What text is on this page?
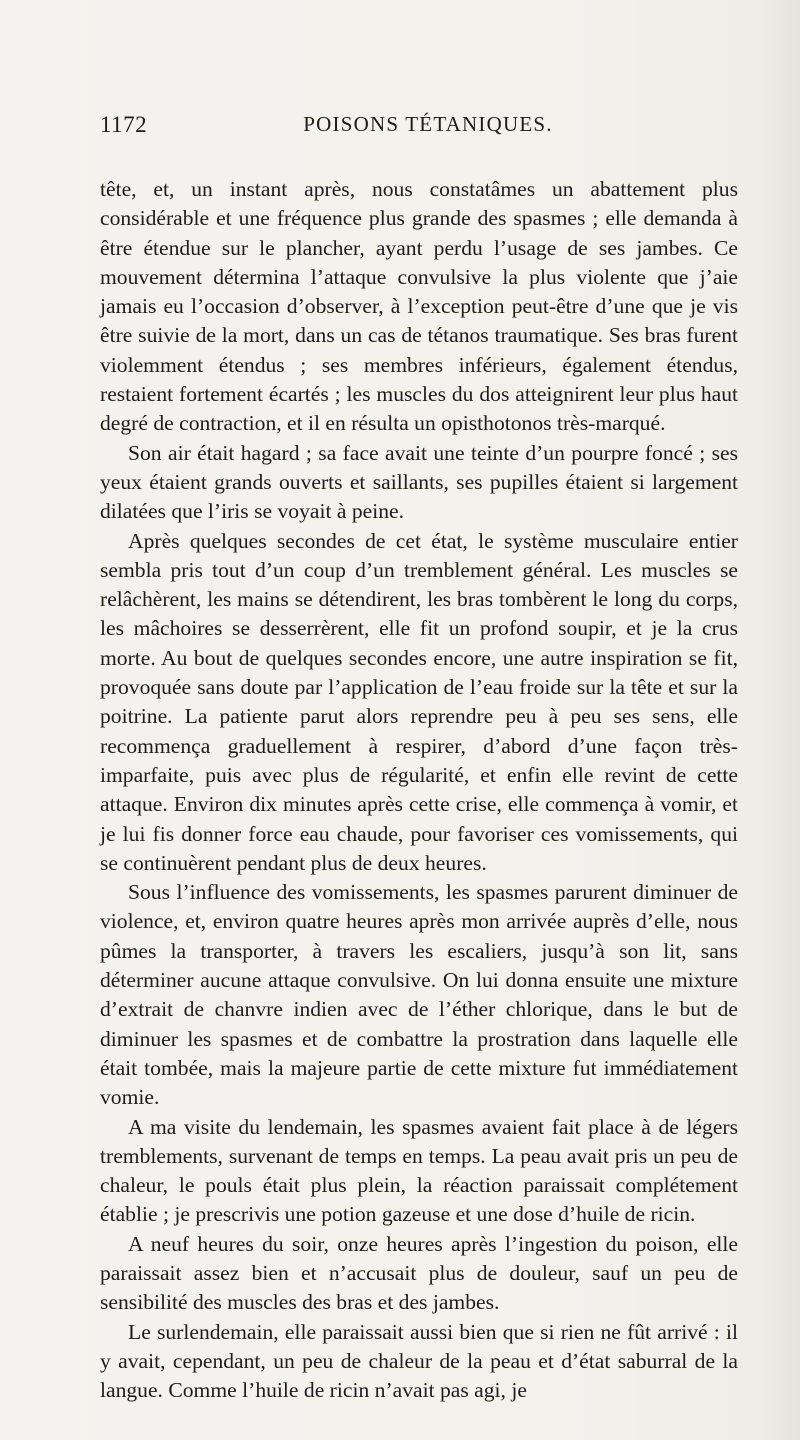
1172	POISONS TÉTANIQUES.

tête, et, un instant après, nous constatâmes un abattement plus considérable et une fréquence plus grande des spasmes ; elle demanda à être étendue sur le plancher, ayant perdu l’usage de ses jambes. Ce mouvement détermina l’attaque convulsive la plus violente que j’aie jamais eu l’occasion d’observer, à l’exception peut-être d’une que je vis être suivie de la mort, dans un cas de tétanos traumatique. Ses bras furent violemment étendus ; ses membres inférieurs, également étendus, restaient fortement écartés ; les muscles du dos atteignirent leur plus haut degré de contraction, et il en résulta un opisthotonos très-marqué.

Son air était hagard ; sa face avait une teinte d’un pourpre foncé ; ses yeux étaient grands ouverts et saillants, ses pupilles étaient si largement dilatées que l’iris se voyait à peine.

Après quelques secondes de cet état, le système musculaire entier sembla pris tout d’un coup d’un tremblement général. Les muscles se relâchèrent, les mains se détendirent, les bras tombèrent le long du corps, les mâchoires se desserrèrent, elle fit un profond soupir, et je la crus morte. Au bout de quelques secondes encore, une autre inspiration se fit, provoquée sans doute par l’application de l’eau froide sur la tête et sur la poitrine. La patiente parut alors reprendre peu à peu ses sens, elle recommença graduellement à respirer, d’abord d’une façon très-imparfaite, puis avec plus de régularité, et enfin elle revint de cette attaque. Environ dix minutes après cette crise, elle commença à vomir, et je lui fis donner force eau chaude, pour favoriser ces vomissements, qui se continuèrent pendant plus de deux heures.

Sous l’influence des vomissements, les spasmes parurent diminuer de violence, et, environ quatre heures après mon arrivée auprès d’elle, nous pûmes la transporter, à travers les escaliers, jusqu’à son lit, sans déterminer aucune attaque convulsive. On lui donna ensuite une mixture d’extrait de chanvre indien avec de l’éther chlorique, dans le but de diminuer les spasmes et de combattre la prostration dans laquelle elle était tombée, mais la majeure partie de cette mixture fut immédiatement vomie.

A ma visite du lendemain, les spasmes avaient fait place à de légers tremblements, survenant de temps en temps. La peau avait pris un peu de chaleur, le pouls était plus plein, la réaction paraissait complétement établie ; je prescrivis une potion gazeuse et une dose d’huile de ricin.

A neuf heures du soir, onze heures après l’ingestion du poison, elle paraissait assez bien et n’accusait plus de douleur, sauf un peu de sensibilité des muscles des bras et des jambes.

Le surlendemain, elle paraissait aussi bien que si rien ne fût arrivé : il y avait, cependant, un peu de chaleur de la peau et d’état saburral de la langue. Comme l’huile de ricin n’avait pas agi, je
